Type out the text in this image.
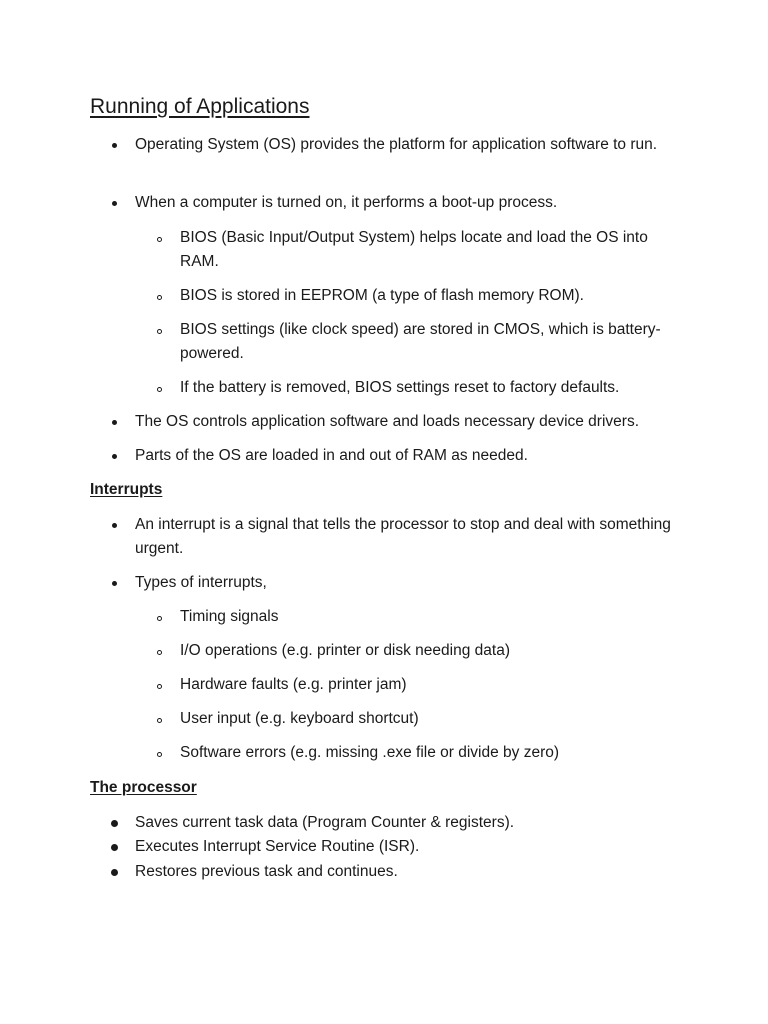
Running of Applications
Operating System (OS) provides the platform for application software to run.
When a computer is turned on, it performs a boot-up process.
BIOS (Basic Input/Output System) helps locate and load the OS into RAM.
BIOS is stored in EEPROM (a type of flash memory ROM).
BIOS settings (like clock speed) are stored in CMOS, which is battery-powered.
If the battery is removed, BIOS settings reset to factory defaults.
The OS controls application software and loads necessary device drivers.
Parts of the OS are loaded in and out of RAM as needed.
Interrupts
An interrupt is a signal that tells the processor to stop and deal with something urgent.
Types of interrupts,
Timing signals
I/O operations (e.g. printer or disk needing data)
Hardware faults (e.g. printer jam)
User input (e.g. keyboard shortcut)
Software errors (e.g. missing .exe file or divide by zero)
The processor
Saves current task data (Program Counter & registers).
Executes Interrupt Service Routine (ISR).
Restores previous task and continues.
